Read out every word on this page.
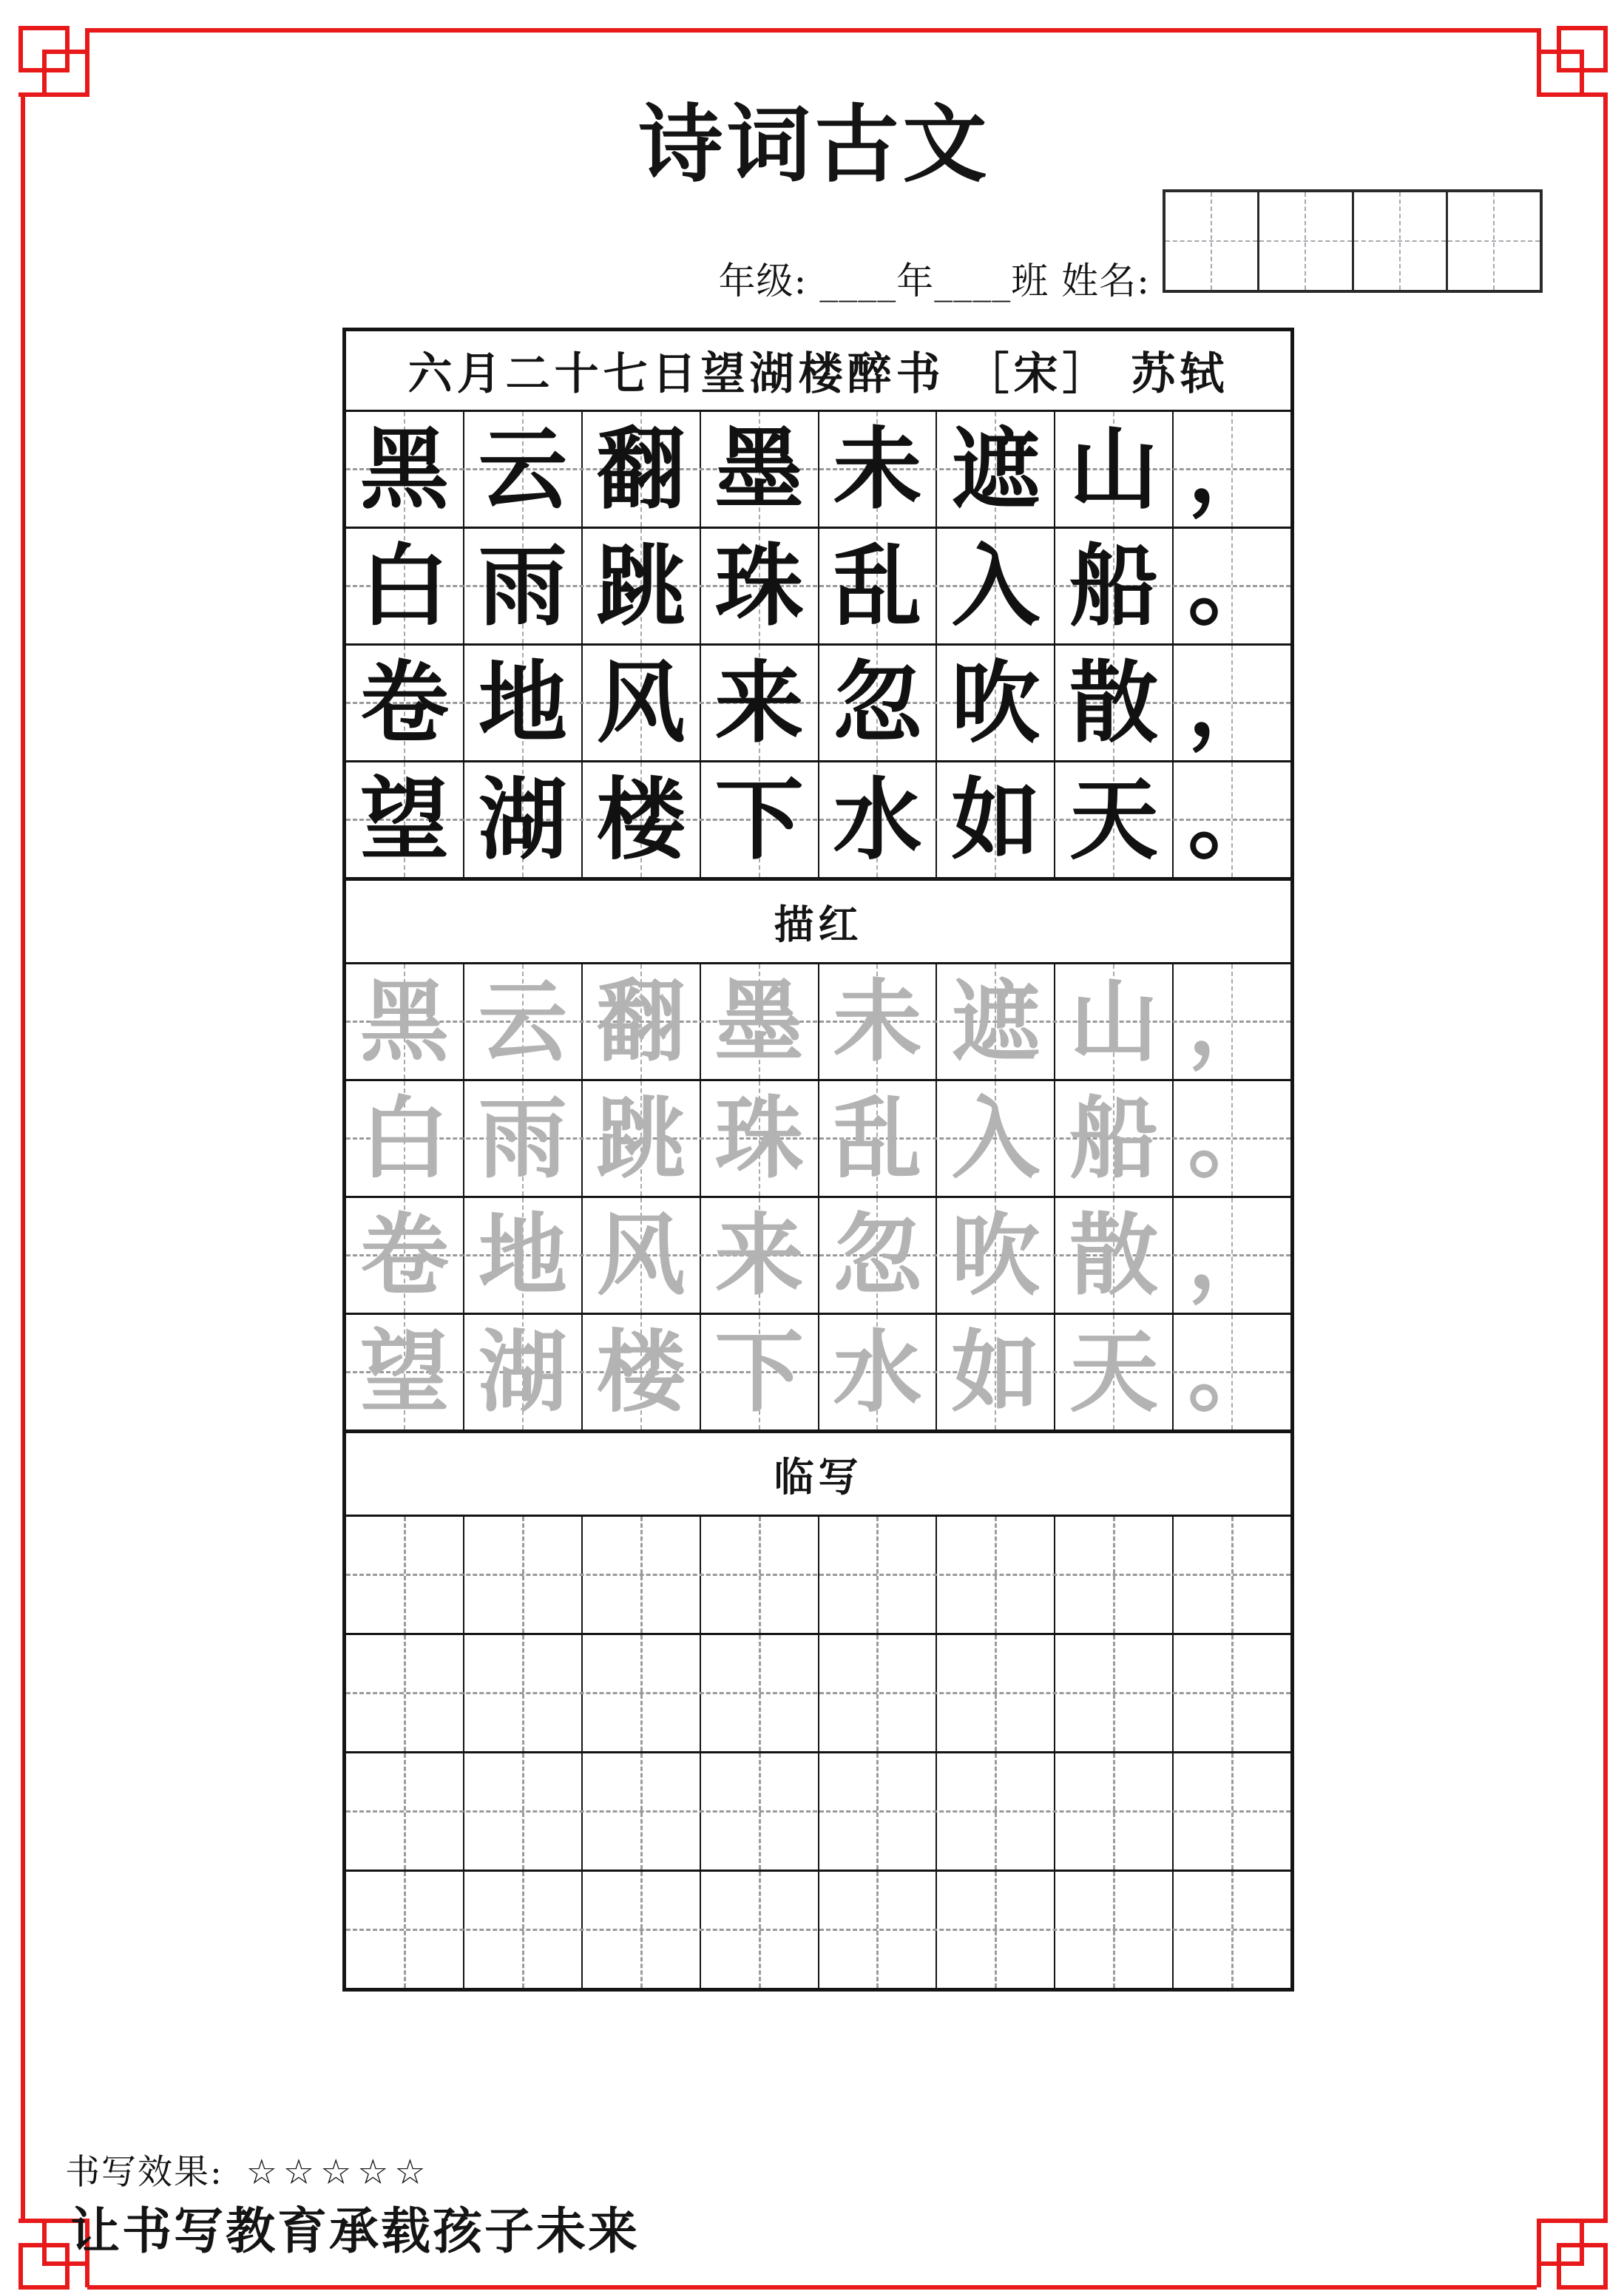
诗词古文
年级: ____年____班 姓名:
六月二十七日望湖楼醉书 ［宋］ 苏轼
黑 云 翻 墨 未 遮 山 ，
白 雨 跳 珠 乱 入 船 。
卷 地 风 来 忽 吹 散 ，
望 湖 楼 下 水 如 天 。
描红
黑 云 翻 墨 未 遮 山 ，
白 雨 跳 珠 乱 入 船 。
卷 地 风 来 忽 吹 散 ，
望 湖 楼 下 水 如 天 。
临写
书写效果: ☆☆☆☆☆
让书写教育承载孩子未来
